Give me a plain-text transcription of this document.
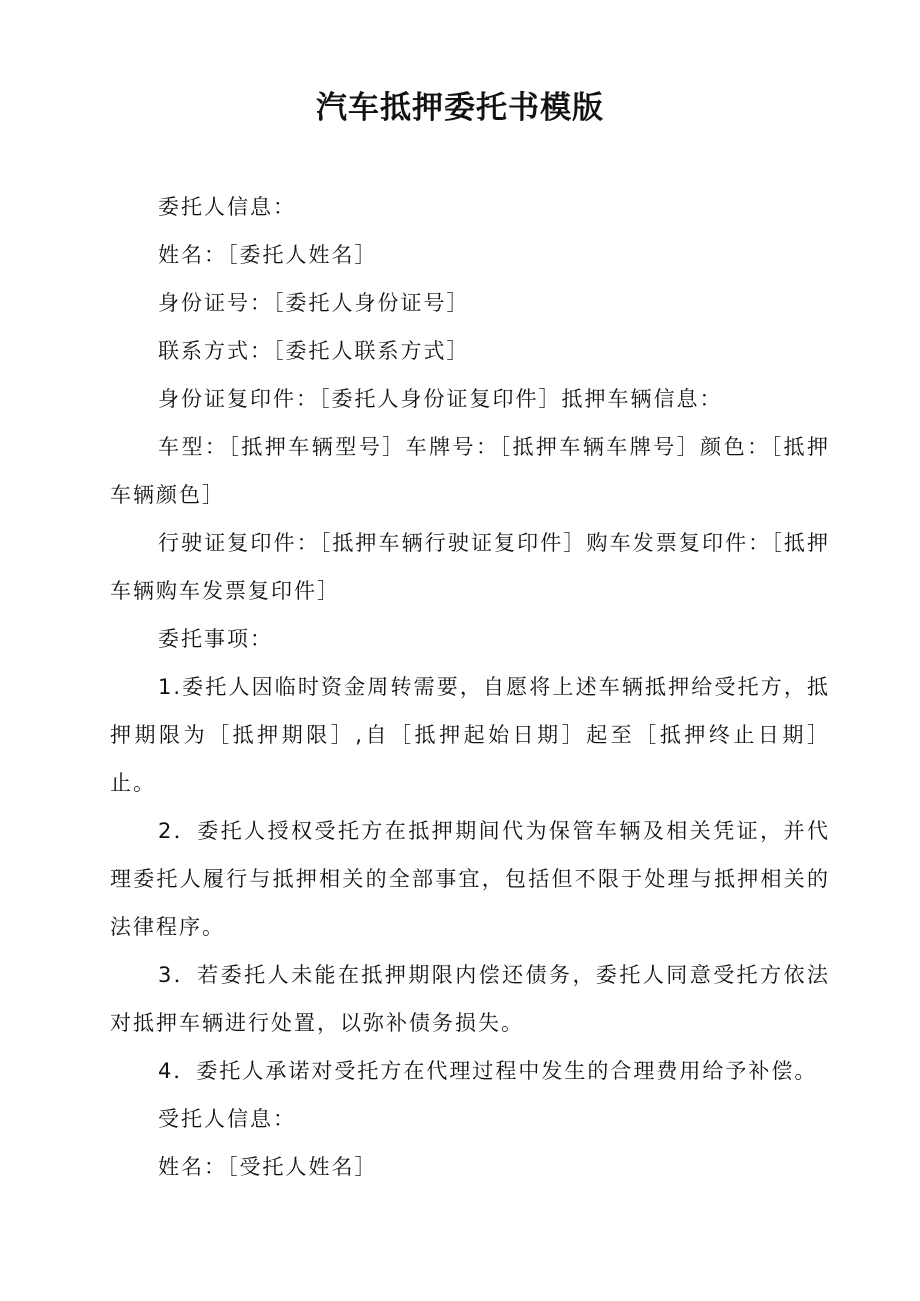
汽车抵押委托书模版

委托人信息：

姓名：［委托人姓名］

身份证号：［委托人身份证号］

联系方式：［委托人联系方式］

身份证复印件：［委托人身份证复印件］抵押车辆信息：

车型：［抵押车辆型号］车牌号：［抵押车辆车牌号］颜色：［抵押车辆颜色］

行驶证复印件：［抵押车辆行驶证复印件］购车发票复印件：［抵押车辆购车发票复印件］

委托事项：

1.委托人因临时资金周转需要，自愿将上述车辆抵押给受托方，抵押期限为［抵押期限］,自［抵押起始日期］起至［抵押终止日期］止。

2．委托人授权受托方在抵押期间代为保管车辆及相关凭证，并代理委托人履行与抵押相关的全部事宜，包括但不限于处理与抵押相关的法律程序。

3．若委托人未能在抵押期限内偿还债务，委托人同意受托方依法对抵押车辆进行处置，以弥补债务损失。

4．委托人承诺对受托方在代理过程中发生的合理费用给予补偿。

受托人信息：

姓名：［受托人姓名］
